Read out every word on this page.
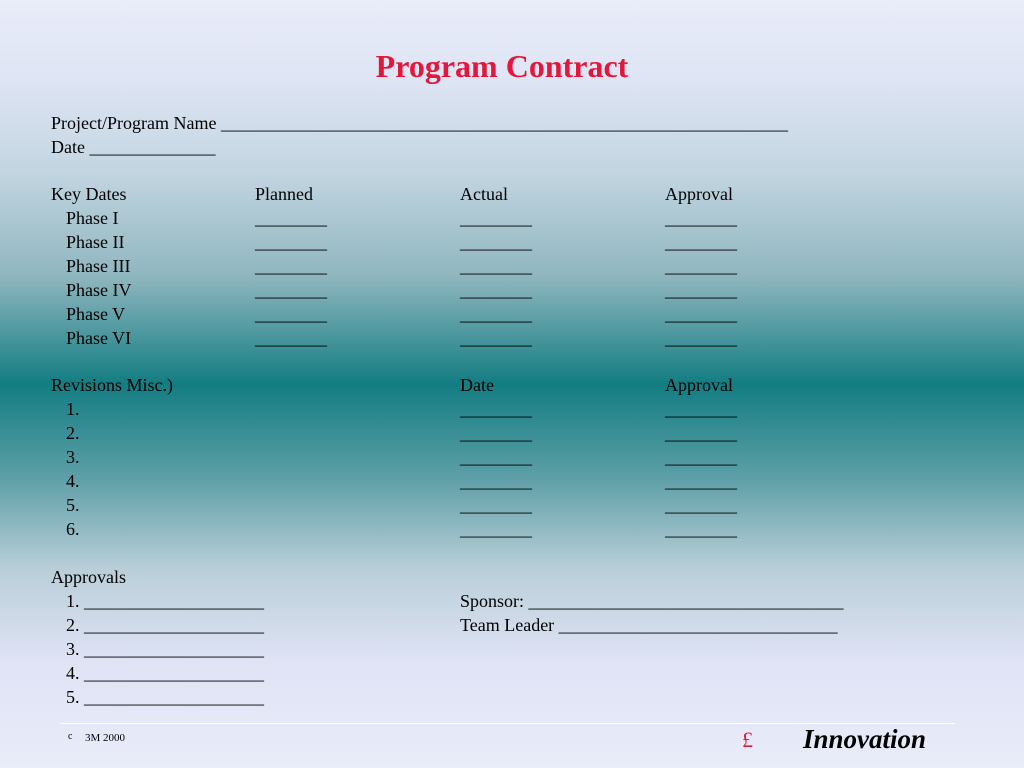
Program Contract
Project/Program Name _______________________________________________________________
Date ______________
Key Dates	Planned	Actual	Approval
Phase I	________	________	________
Phase II	________	________	________
Phase III	________	________	________
Phase IV	________	________	________
Phase V	________	________	________
Phase VI	________	________	________
Revisions Misc.)	Date	Approval
1.	________	________
2.	________	________
3.	________	________
4.	________	________
5.	________	________
6.	________	________
Approvals
1. ____________________
2. ____________________
3. ____________________
4. ____________________
5. ____________________
Sponsor: ___________________________________
Team Leader _______________________________
c 3M 2000	£ Innovation
